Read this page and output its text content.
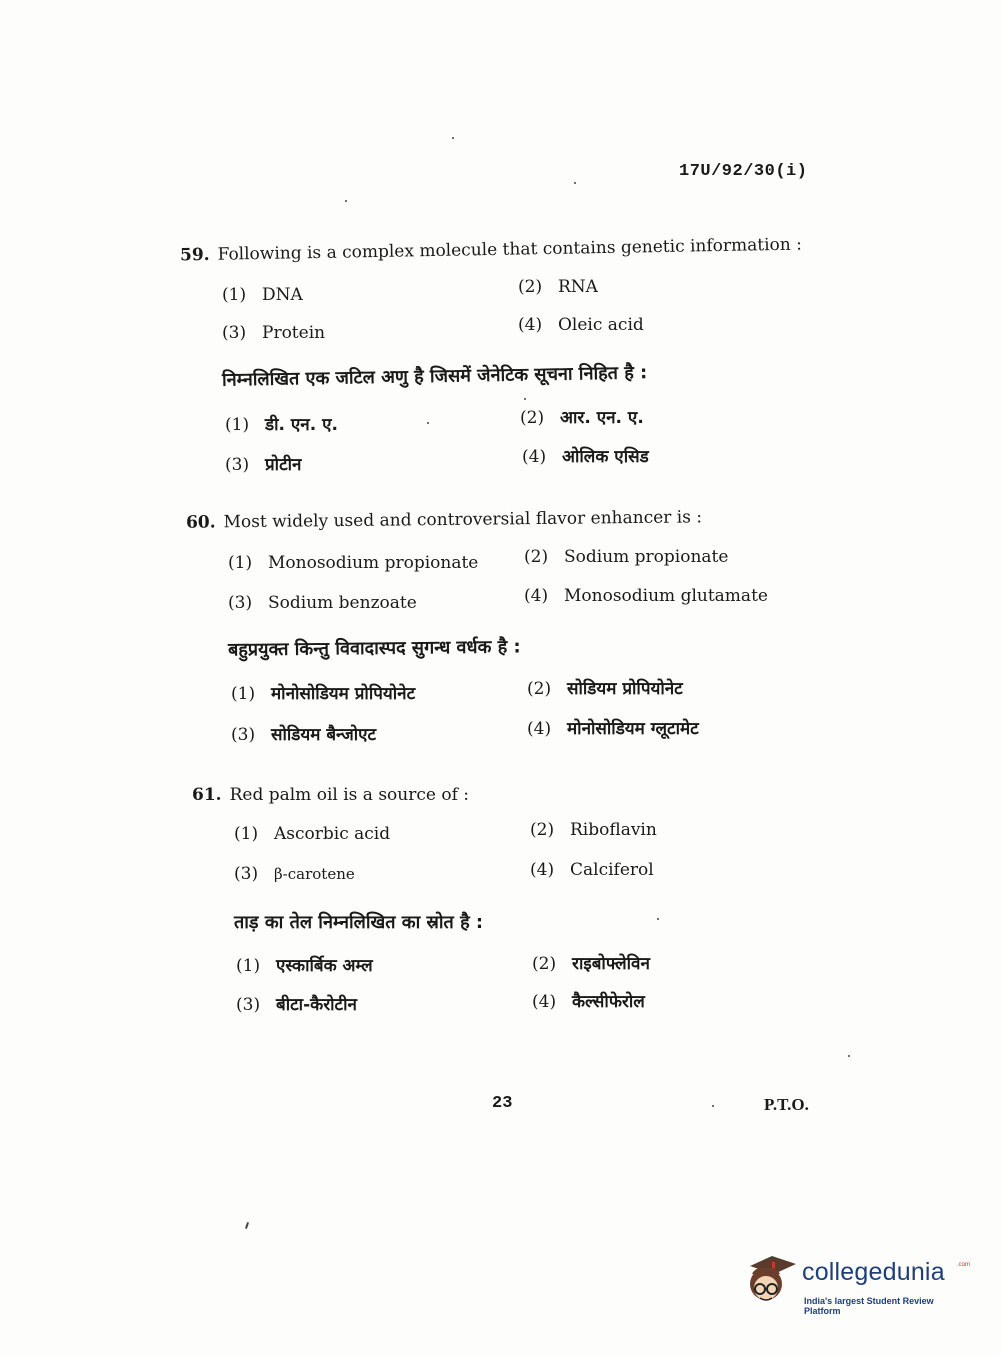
17U/92/30(i)
59. Following is a complex molecule that contains genetic information :
(1) DNA	(2) RNA
(3) Protein	(4) Oleic acid
निम्नलिखित एक जटिल अणु है जिसमें जेनेटिक सूचना निहित है :
(1) डी. एन. ए.	(2) आर. एन. ए.
(3) प्रोटीन	(4) ओलिक एसिड
60. Most widely used and controversial flavor enhancer is :
(1) Monosodium propionate	(2) Sodium propionate
(3) Sodium benzoate	(4) Monosodium glutamate
बहुप्रयुक्त किन्तु विवादास्पद सुगन्ध वर्धक है :
(1) मोनोसोडियम प्रोपियोनेट	(2) सोडियम प्रोपियोनेट
(3) सोडियम बैन्जोएट	(4) मोनोसोडियम ग्लूटामेट
61. Red palm oil is a source of :
(1) Ascorbic acid	(2) Riboflavin
(3) β-carotene	(4) Calciferol
ताड़ का तेल निम्नलिखित का स्रोत है :
(1) एस्कार्बिक अम्ल	(2) राइबोफ्लेविन
(3) बीटा-कैरोटीन	(4) कैल्सीफेरोल
23	P.T.O.
collegedunia .com
India's largest Student Review Platform
